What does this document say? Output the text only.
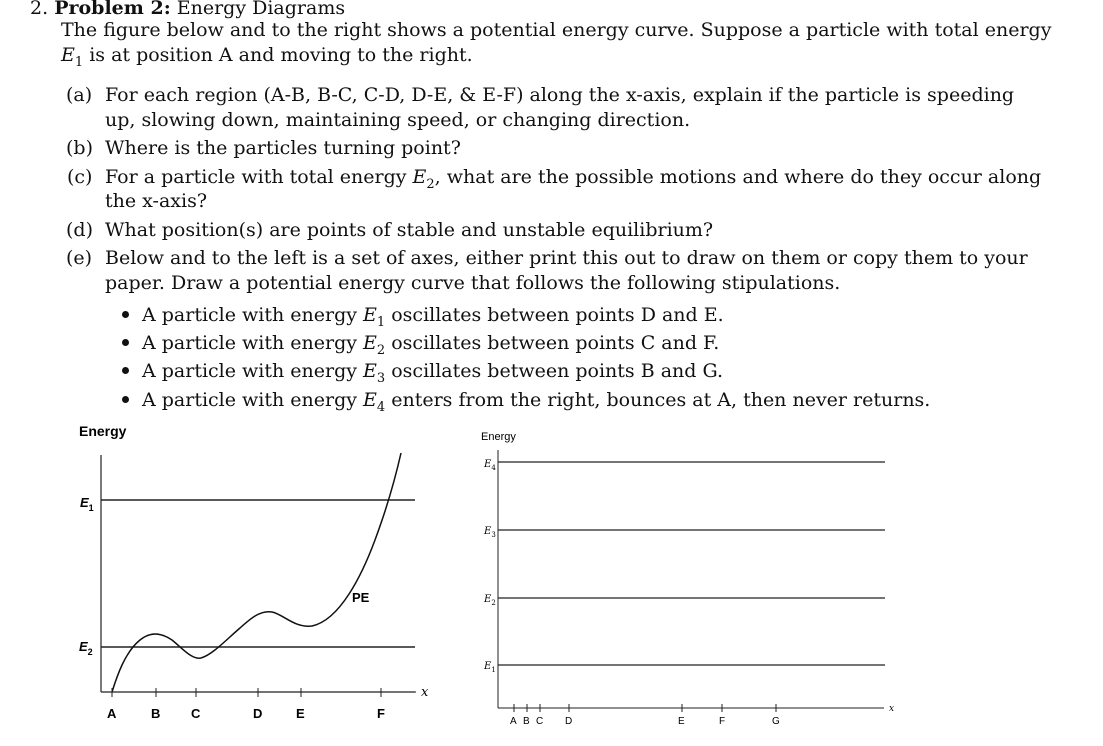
2. Problem 2: Energy Diagrams
The figure below and to the right shows a potential energy curve. Suppose a particle with total energy
$E_1$ is at position A and moving to the right.
(a) For each region (A-B, B-C, C-D, D-E, & E-F) along the x-axis, explain if the particle is speeding
up, slowing down, maintaining speed, or changing direction.
(b) Where is the particles turning point?
(c) For a particle with total energy $E_2$, what are the possible motions and where do they occur along
the x-axis?
(d) What position(s) are points of stable and unstable equilibrium?
(e) Below and to the left is a set of axes, either print this out to draw on them or copy them to your
paper. Draw a potential energy curve that follows the following stipulations.
A particle with energy $E_1$ oscillates between points D and E.
A particle with energy $E_2$ oscillates between points C and F.
A particle with energy $E_3$ oscillates between points B and G.
A particle with energy $E_4$ enters from the right, bounces at A, then never returns.
Energy
x
$E_1$
$E_2$
PE
A	B C	D	E	F
Energy
x
$E_4$
$E_3$
$E_2$
$E_1$
A B C D	E	F	G
